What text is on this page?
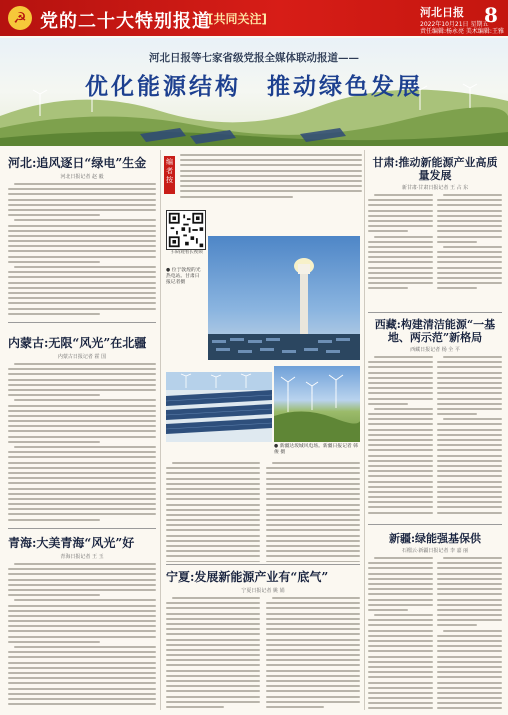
☭ 党的二十大特别报道
[共同关注]	河北日报 8
2022年10月21日 星期五
责任编辑:杨永亮 美术编辑:王雅
河北日报等七家省级党报全媒体联动报道——
优化能源结构　推动绿色发展
河北:追风逐日“绿电”生金
河北日报记者 赵 毅
内蒙古:无限“风光”在北疆
内蒙古日报记者 霍 国
青海:大美青海“风光”好
青海日报记者 王 玉
编者按
扫码观看长视频
● 位于敦煌的光热电站。甘肃日报记者摄
● 新疆达坂城风电场。新疆日报记者 韩俊 摄
宁夏:发展新能源产业有“底气”
宁夏日报记者 姚 娟
甘肃:推动新能源产业高质量发展
新甘肃·甘肃日报记者 王 占 东
西藏:构建清洁能源“一基地、两示范”新格局
西藏日报记者 杨 全 平
新疆:绿能强基保供
石榴云·新疆日报记者 李 嘉 丽
